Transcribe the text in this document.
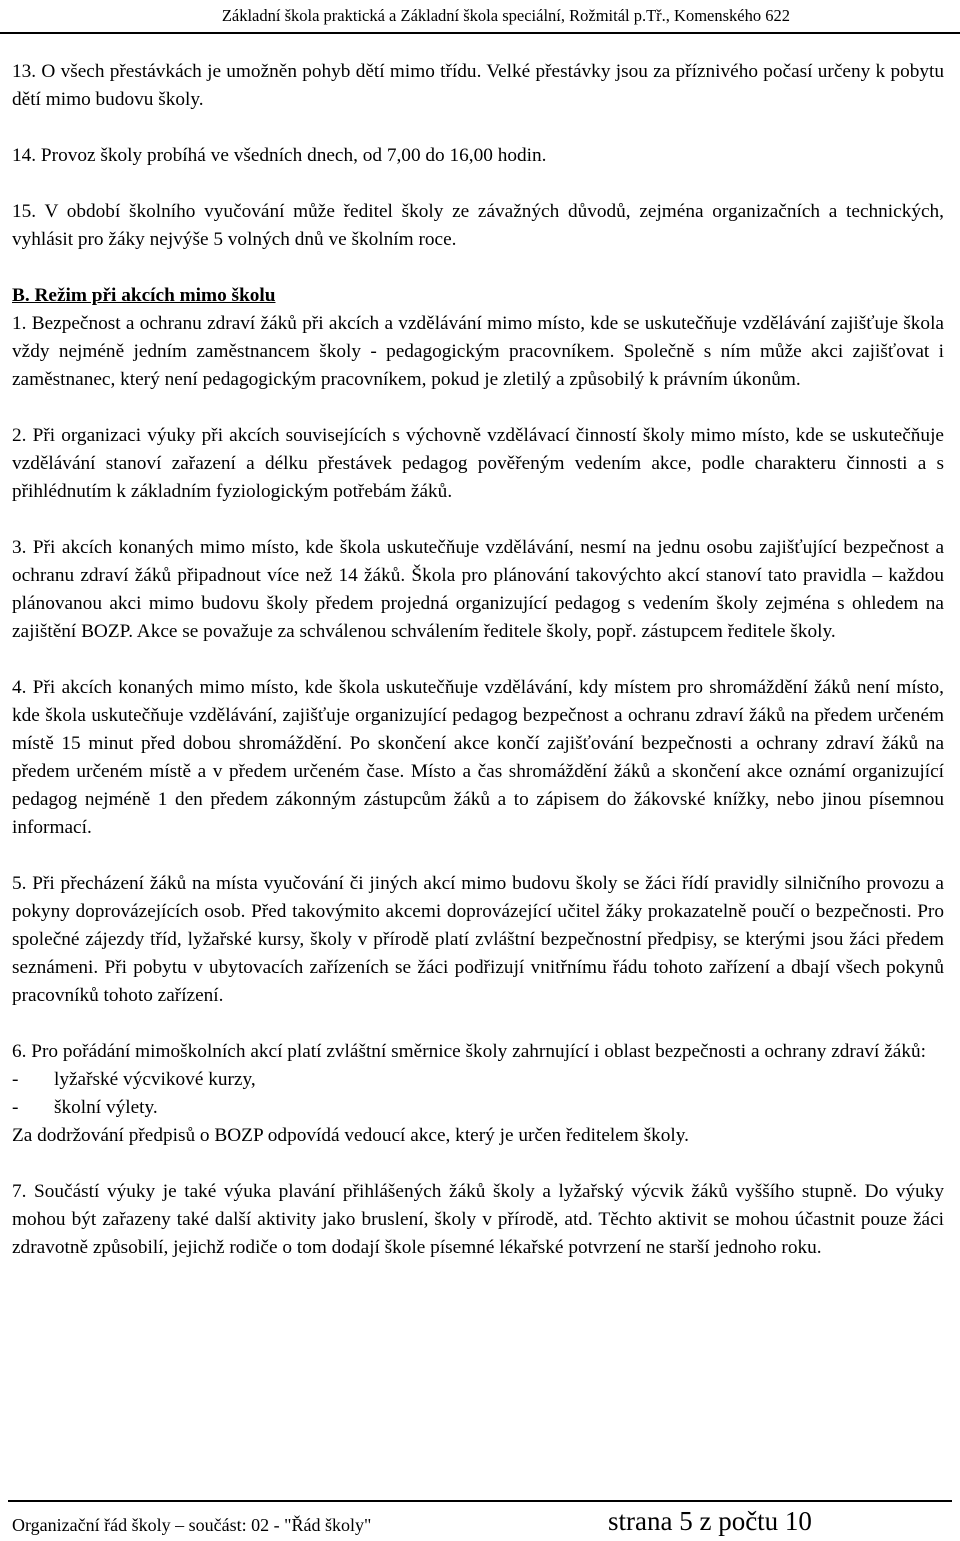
Základní škola praktická a Základní škola speciální, Rožmitál p.Tř., Komenského 622

13. O všech přestávkách je umožněn pohyb dětí mimo třídu. Velké přestávky jsou za příznivého počasí určeny k pobytu dětí mimo budovu školy.

14. Provoz školy probíhá ve všedních dnech, od 7,00 do 16,00 hodin.

15. V období školního vyučování může ředitel školy ze závažných důvodů, zejména organizačních a technických, vyhlásit pro žáky nejvýše 5 volných dnů ve školním roce.

B. Režim při akcích mimo školu

1. Bezpečnost a ochranu zdraví žáků při akcích a vzdělávání mimo místo, kde se uskutečňuje vzdělávání zajišťuje škola vždy nejméně jedním zaměstnancem školy - pedagogickým pracovníkem. Společně s ním může akci zajišťovat i zaměstnanec, který není pedagogickým pracovníkem, pokud je zletilý a způsobilý k právním úkonům.

2. Při organizaci výuky při akcích souvisejících s výchovně vzdělávací činností školy mimo místo, kde se uskutečňuje vzdělávání stanoví zařazení a délku přestávek pedagog pověřeným vedením akce, podle charakteru činnosti a s přihlédnutím k základním fyziologickým potřebám žáků.

3. Při akcích konaných mimo místo, kde škola uskutečňuje vzdělávání, nesmí na jednu osobu zajišťující bezpečnost a ochranu zdraví žáků připadnout více než 14 žáků. Škola pro plánování takovýchto akcí stanoví tato pravidla – každou plánovanou akci mimo budovu školy předem projedná organizující pedagog s vedením školy zejména s ohledem na zajištění BOZP. Akce se považuje za schválenou schválením ředitele školy, popř. zástupcem ředitele školy.

4. Při akcích konaných mimo místo, kde škola uskutečňuje vzdělávání, kdy místem pro shromáždění žáků není místo, kde škola uskutečňuje vzdělávání, zajišťuje organizující pedagog bezpečnost a ochranu zdraví žáků na předem určeném místě 15 minut před dobou shromáždění. Po skončení akce končí zajišťování bezpečnosti a ochrany zdraví žáků na předem určeném místě a v předem určeném čase. Místo a čas shromáždění žáků a skončení akce oznámí organizující pedagog nejméně 1 den předem zákonným zástupcům žáků a to zápisem do žákovské knížky, nebo jinou písemnou informací.

5. Při přecházení žáků na místa vyučování či jiných akcí mimo budovu školy se žáci řídí pravidly silničního provozu a pokyny doprovázejících osob. Před takovýmito akcemi doprovázející učitel žáky prokazatelně poučí o bezpečnosti. Pro společné zájezdy tříd, lyžařské kursy, školy v přírodě platí zvláštní bezpečnostní předpisy, se kterými jsou žáci předem seznámeni. Při pobytu v ubytovacích zařízeních se žáci podřizují vnitřnímu řádu tohoto zařízení a dbají všech pokynů pracovníků tohoto zařízení.

6. Pro pořádání mimoškolních akcí platí zvláštní směrnice školy zahrnující i oblast bezpečnosti a ochrany zdraví žáků:

- lyžařské výcvikové kurzy,

- školní výlety.

Za dodržování předpisů o BOZP odpovídá vedoucí akce, který je určen ředitelem školy.

7. Součástí výuky je také výuka plavání přihlášených žáků školy a lyžařský výcvik žáků vyššího stupně. Do výuky mohou být zařazeny také další aktivity jako bruslení, školy v přírodě, atd. Těchto aktivit se mohou účastnit pouze žáci zdravotně způsobilí, jejichž rodiče o tom dodají škole písemné lékařské potvrzení ne starší jednoho roku.

Organizační řád školy – součást: 02 - "Řád školy"	strana 5 z počtu 10
